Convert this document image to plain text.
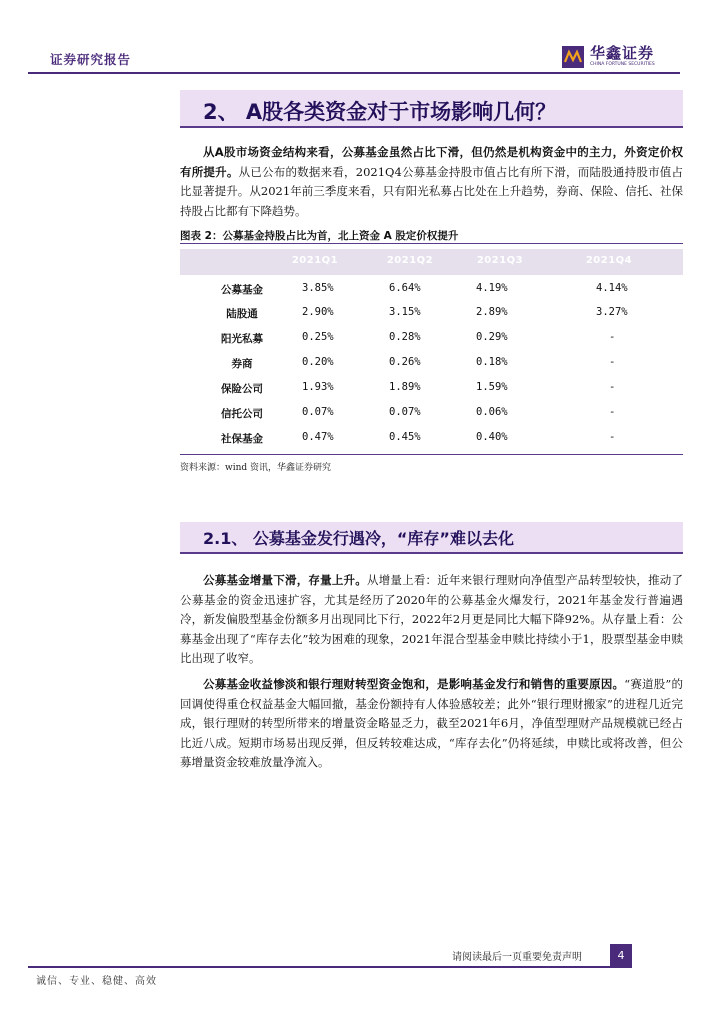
证券研究报告	华鑫证券
CHINA FORTUNE SECURITIES
2、 A股各类资金对于市场影响几何？
从A股市场资金结构来看，公募基金虽然占比下滑，但仍然是机构资金中的主力，外资定价权有所提升。从已公布的数据来看，2021Q4公募基金持股市值占比有所下滑，而陆股通持股市值占比显著提升。从2021年前三季度来看，只有阳光私募占比处在上升趋势，券商、保险、信托、社保持股占比都有下降趋势。
图表 2：公募基金持股占比为首，北上资金 A 股定价权提升
2021Q1	2021Q2	2021Q3	2021Q4
公募基金	3.85%	6.64%	4.19%	4.14%
陆股通	2.90%	3.15%	2.89%	3.27%
阳光私募	0.25%	0.28%	0.29%	-
券商	0.20%	0.26%	0.18%	-
保险公司	1.93%	1.89%	1.59%	-
信托公司	0.07%	0.07%	0.06%	-
社保基金	0.47%	0.45%	0.40%	-
资料来源：wind 资讯，华鑫证券研究
2.1、 公募基金发行遇冷，“库存”难以去化
公募基金增量下滑，存量上升。从增量上看：近年来银行理财向净值型产品转型较快，推动了公募基金的资金迅速扩容，尤其是经历了2020年的公募基金火爆发行，2021年基金发行普遍遇冷，新发偏股型基金份额多月出现同比下行，2022年2月更是同比大幅下降92%。从存量上看：公募基金出现了“库存去化”较为困难的现象，2021年混合型基金申赎比持续小于1，股票型基金申赎比出现了收窄。
公募基金收益惨淡和银行理财转型资金饱和，是影响基金发行和销售的重要原因。“赛道股”的回调使得重仓权益基金大幅回撤，基金份额持有人体验感较差；此外“银行理财搬家”的进程几近完成，银行理财的转型所带来的增量资金略显乏力，截至2021年6月，净值型理财产品规模就已经占比近八成。短期市场易出现反弹，但反转较难达成，“库存去化”仍将延续，申赎比或将改善，但公募增量资金较难放量净流入。
请阅读最后一页重要免责声明	4
诚信、专业、稳健、高效
